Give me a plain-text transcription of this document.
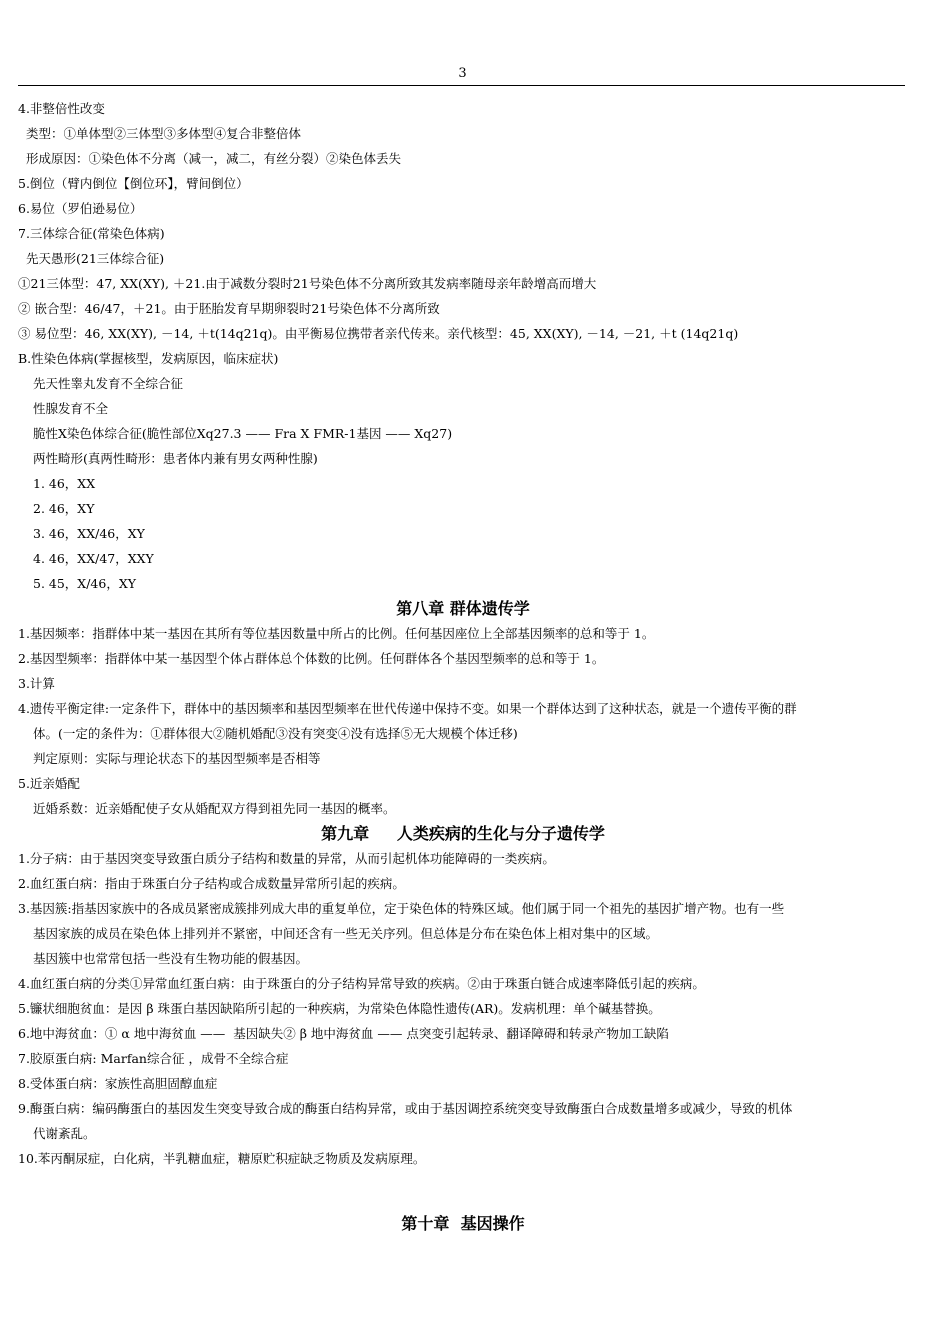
3
4.非整倍性改变
类型：①单体型②三体型③多体型④复合非整倍体
形成原因：①染色体不分离（减一，减二，有丝分裂）②染色体丢失
5.倒位（臂内倒位【倒位环】，臂间倒位）
6.易位（罗伯逊易位）
7.三体综合征(常染色体病)
先天愚形(21三体综合征)
①21三体型：47, XX(XY), ＋21.由于减数分裂时21号染色体不分离所致其发病率随母亲年龄增高而增大
② 嵌合型：46/47，＋21。由于胚胎发育早期卵裂时21号染色体不分离所致
③ 易位型：46, XX(XY), －14, ＋t(14q21q)。由平衡易位携带者亲代传来。亲代核型：45, XX(XY), －14, －21, ＋t (14q21q)
B.性染色体病(掌握核型，发病原因，临床症状)
先天性睾丸发育不全综合征
性腺发育不全
脆性X染色体综合征(脆性部位Xq27.3 —— Fra X FMR-1基因 —— Xq27)
两性畸形(真两性畸形：患者体内兼有男女两种性腺)
1. 46，XX
2. 46，XY
3. 46，XX/46，XY
4. 46，XX/47，XXY
5. 45，X/46，XY
第八章 群体遗传学
1.基因频率：指群体中某一基因在其所有等位基因数量中所占的比例。任何基因座位上全部基因频率的总和等于 1。
2.基因型频率：指群体中某一基因型个体占群体总个体数的比例。任何群体各个基因型频率的总和等于 1。
3.计算
4.遗传平衡定律:一定条件下，群体中的基因频率和基因型频率在世代传递中保持不变。如果一个群体达到了这种状态，就是一个遗传平衡的群
体。(一定的条件为：①群体很大②随机婚配③没有突变④没有选择⑤无大规模个体迁移)
判定原则：实际与理论状态下的基因型频率是否相等
5.近亲婚配
近婚系数：近亲婚配使子女从婚配双方得到祖先同一基因的概率。
第九章     人类疾病的生化与分子遗传学
1.分子病：由于基因突变导致蛋白质分子结构和数量的异常，从而引起机体功能障碍的一类疾病。
2.血红蛋白病：指由于珠蛋白分子结构或合成数量异常所引起的疾病。
3.基因簇:指基因家族中的各成员紧密成簇排列成大串的重复单位，定于染色体的特殊区域。他们属于同一个祖先的基因扩增产物。也有一些
基因家族的成员在染色体上排列并不紧密，中间还含有一些无关序列。但总体是分布在染色体上相对集中的区域。
基因簇中也常常包括一些没有生物功能的假基因。
4.血红蛋白病的分类①异常血红蛋白病：由于珠蛋白的分子结构异常导致的疾病。②由于珠蛋白链合成速率降低引起的疾病。
5.镰状细胞贫血：是因 β 珠蛋白基因缺陷所引起的一种疾病，为常染色体隐性遗传(AR)。发病机理：单个碱基替换。
6.地中海贫血：① α 地中海贫血 ——  基因缺失② β 地中海贫血 —— 点突变引起转录、翻译障碍和转录产物加工缺陷
7.胶原蛋白病: Marfan综合征 ，成骨不全综合症
8.受体蛋白病：家族性高胆固醇血症
9.酶蛋白病：编码酶蛋白的基因发生突变导致合成的酶蛋白结构异常，或由于基因调控系统突变导致酶蛋白合成数量增多或减少，导致的机体
代谢紊乱。
10.苯丙酮尿症，白化病，半乳糖血症，糖原贮积症缺乏物质及发病原理。
第十章  基因操作
